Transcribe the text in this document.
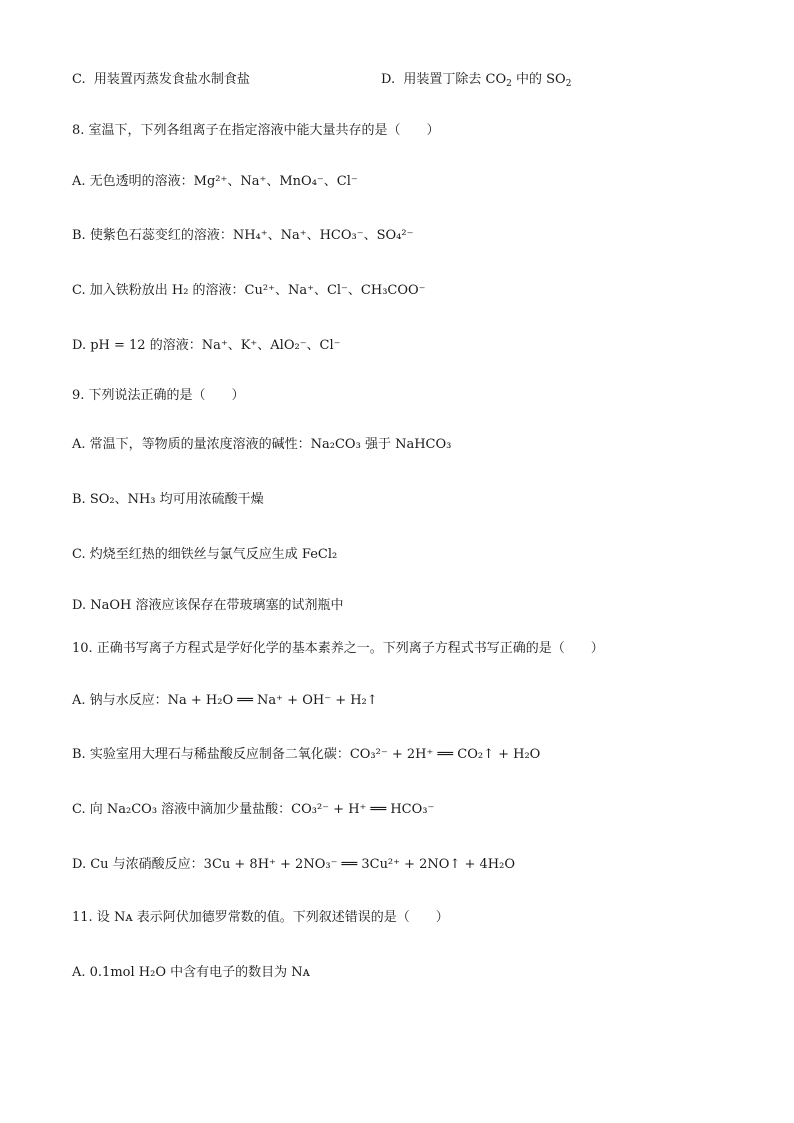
C.  用装置丙蒸发食盐水制食盐	D.  用装置丁除去 $CO_2$ 中的 $SO_2$
8. 室温下，下列各组离子在指定溶液中能大量共存的是（　　）
A. 无色透明的溶液：Mg²⁺、Na⁺、MnO₄⁻、Cl⁻
B. 使紫色石蕊变红的溶液：NH₄⁺、Na⁺、HCO₃⁻、SO₄²⁻
C. 加入铁粉放出 H₂ 的溶液：Cu²⁺、Na⁺、Cl⁻、CH₃COO⁻
D. pH = 12 的溶液：Na⁺、K⁺、AlO₂⁻、Cl⁻
9. 下列说法正确的是（　　）
A. 常温下，等物质的量浓度溶液的碱性：Na₂CO₃ 强于 NaHCO₃
B. SO₂、NH₃ 均可用浓硫酸干燥
C. 灼烧至红热的细铁丝与氯气反应生成 FeCl₂
D. NaOH 溶液应该保存在带玻璃塞的试剂瓶中
10. 正确书写离子方程式是学好化学的基本素养之一。下列离子方程式书写正确的是（　　）
A. 钠与水反应：Na + H₂O ══ Na⁺ + OH⁻ + H₂↑
B. 实验室用大理石与稀盐酸反应制备二氧化碳：CO₃²⁻ + 2H⁺ ══ CO₂↑ + H₂O
C. 向 Na₂CO₃ 溶液中滴加少量盐酸：CO₃²⁻ + H⁺ ══ HCO₃⁻
D. Cu 与浓硝酸反应：3Cu + 8H⁺ + 2NO₃⁻ ══ 3Cu²⁺ + 2NO↑ + 4H₂O
11. 设 Nᴀ 表示阿伏加德罗常数的值。下列叙述错误的是（　　）
A. 0.1mol H₂O 中含有电子的数目为 Nᴀ
